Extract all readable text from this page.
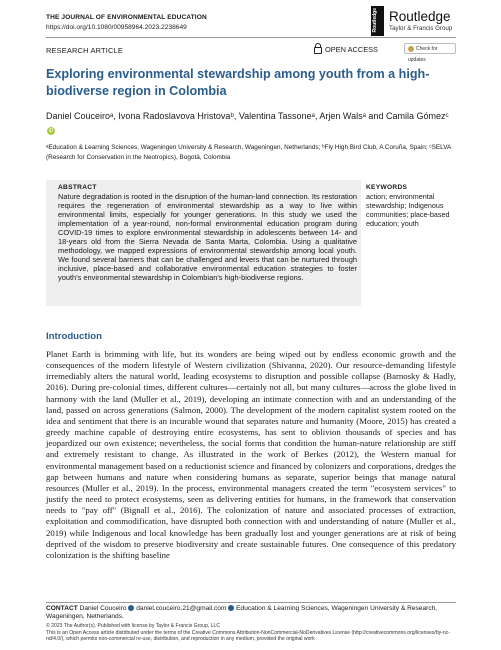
THE JOURNAL OF ENVIRONMENTAL EDUCATION
https://doi.org/10.1080/00958964.2023.2238649	Routledge Routledge
Taylor & Francis Group
RESEARCH ARTICLE	OPEN ACCESS	Check for updates
Exploring environmental stewardship among youth from a high-biodiverse region in Colombia
Daniel Couceiroᵃ, Ivona Radoslavova Hristovaᵇ, Valentina Tassoneᵃ, Arjen Walsᵃ and Camila Gómezᶜ iD
ᵃEducation & Learning Sciences, Wageningen University & Research, Wageningen, Netherlands; ᵇFly High Bird Club, A Coruña, Spain; ᶜSELVA (Research for Conservation in the Neotropics), Bogotá, Colombia
ABSTRACT
Nature degradation is rooted in the disruption of the human-land connection. Its restoration requires the regeneration of environmental stewardship as a way to live within environmental limits, especially for younger generations. In this study we used the implementation of a year-round, non-formal environmental education program during COVID-19 times to explore environmental stewardship in adolescents between 14- and 18-years old from the Sierra Nevada de Santa Marta, Colombia. Using a qualitative methodology, we mapped expressions of environmental stewardship among local youth. We found several barriers that can be challenged and levers that can be nurtured through inclusive, place-based and collaborative environmental education strategies to foster youth's environmental stewardship in Colombian's high-biodiverse regions.
KEYWORDS
action; environmental stewardship; Indigenous communities; place-based education; youth
Introduction
Planet Earth is brimming with life, but its wonders are being wiped out by endless economic growth and the consequences of the modern lifestyle of Western civilization (Shivanna, 2020). Our resource-demanding lifestyle irremediably alters the natural world, leading ecosystems to disruption and possible collapse (Barnosky & Hadly, 2016). During pre-colonial times, different cultures—certainly not all, but many cultures—across the globe lived in harmony with the land (Muller et al., 2019), developing an intimate connection with and an understanding of the land, passed on across generations (Salmon, 2000). The development of the modern capitalist system rooted on the idea and sentiment that there is an incurable wound that separates nature and humanity (Moore, 2015) has created a greedy machine capable of destroying entire ecosystems, has sent to oblivion thousands of species and has jeopardized our own existence; nevertheless, the social forms that condition the human-nature relationship are stiff and extremely resistant to change. As illustrated in the work of Berkes (2012), the Western manual for environmental management based on a reductionist science and financed by colonizers and corporations, dredges the gap between humans and nature when considering humans as separate, superior beings that manage natural resources (Muller et al., 2019). In the process, environmental managers created the term "ecosystem services" to justify the need to protect ecosystems, seen as delivering entities for humans, in the framework that conservation needs to "pay off" (Bignall et al., 2016). The colonization of nature and associated processes of extraction, exploitation and commodification, have disrupted both connection with and understanding of nature (Muller et al., 2019) while Indigenous and local knowledge has been gradually lost and younger generations are at risk of being deprived of the wisdom to preserve biodiversity and create sustainable futures. One consequence of this predatory colonization is the shifting baseline
CONTACT Daniel Couceiro daniel.couceiro.21@gmail.com Education & Learning Sciences, Wageningen University & Research, Wageningen, Netherlands.
© 2023 The Author(s). Published with license by Taylor & Francis Group, LLC
This is an Open Access article distributed under the terms of the Creative Commons Attribution-NonCommercial-NoDerivatives License (http://creativecommons.org/licenses/by-nc-nd/4.0/), which permits non-commercial re-use, distribution, and reproduction in any medium, provided the original work
